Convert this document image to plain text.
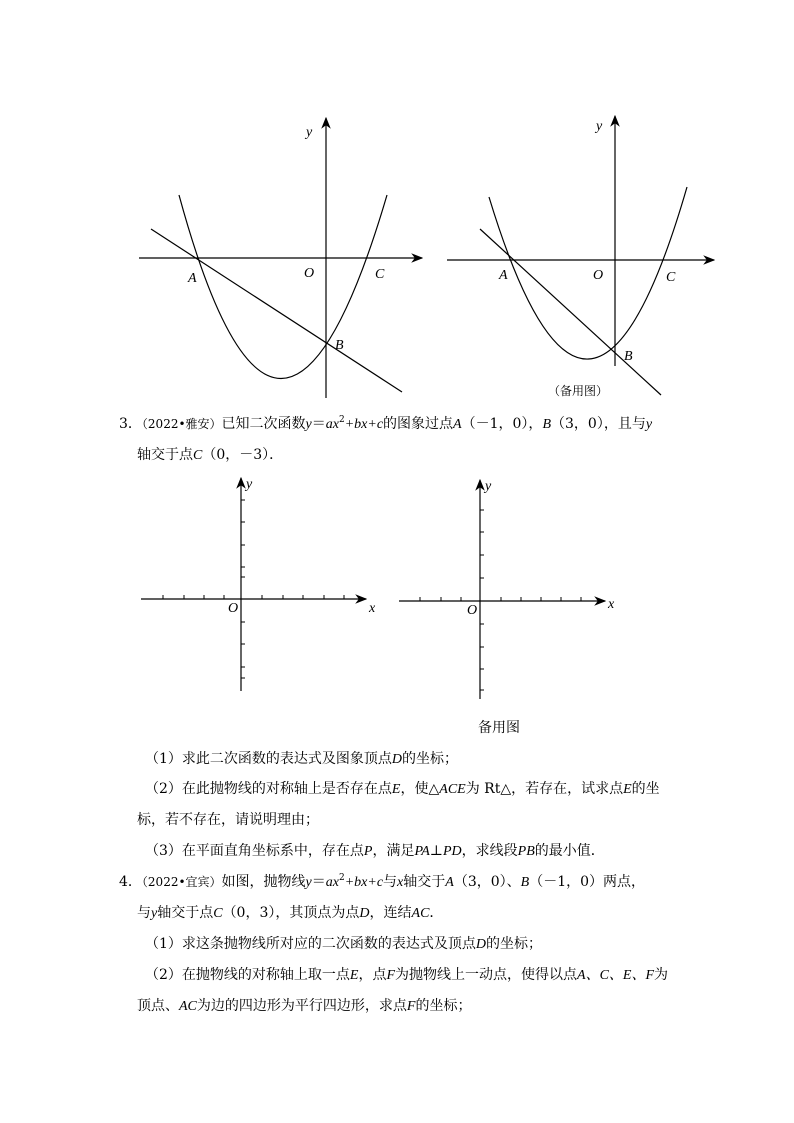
y
O
A	C
B
y
O
A	C
B
（备用图）
3．（2022•雅安）已知二次函数$y=ax^2+bx+c$的图象过点A（－1，0），B（3，0），且与y
轴交于点C（0，－3）．
x
y
O	x
y
O
备用图
（1）求此二次函数的表达式及图象顶点D的坐标；
（2）在此抛物线的对称轴上是否存在点E，使△ACE为 Rt△，若存在，试求点E的坐
标，若不存在，请说明理由；
（3）在平面直角坐标系中，存在点P，满足PA⊥PD，求线段PB的最小值．
4．（2022•宜宾）如图，抛物线$y=ax^2+bx+c$与x轴交于A（3，0）、B（－1，0）两点，
与y轴交于点C（0，3），其顶点为点D，连结AC．
（1）求这条抛物线所对应的二次函数的表达式及顶点D的坐标；
（2）在抛物线的对称轴上取一点E，点F为抛物线上一动点，使得以点A、C、E、F为
顶点、AC为边的四边形为平行四边形，求点F的坐标；
